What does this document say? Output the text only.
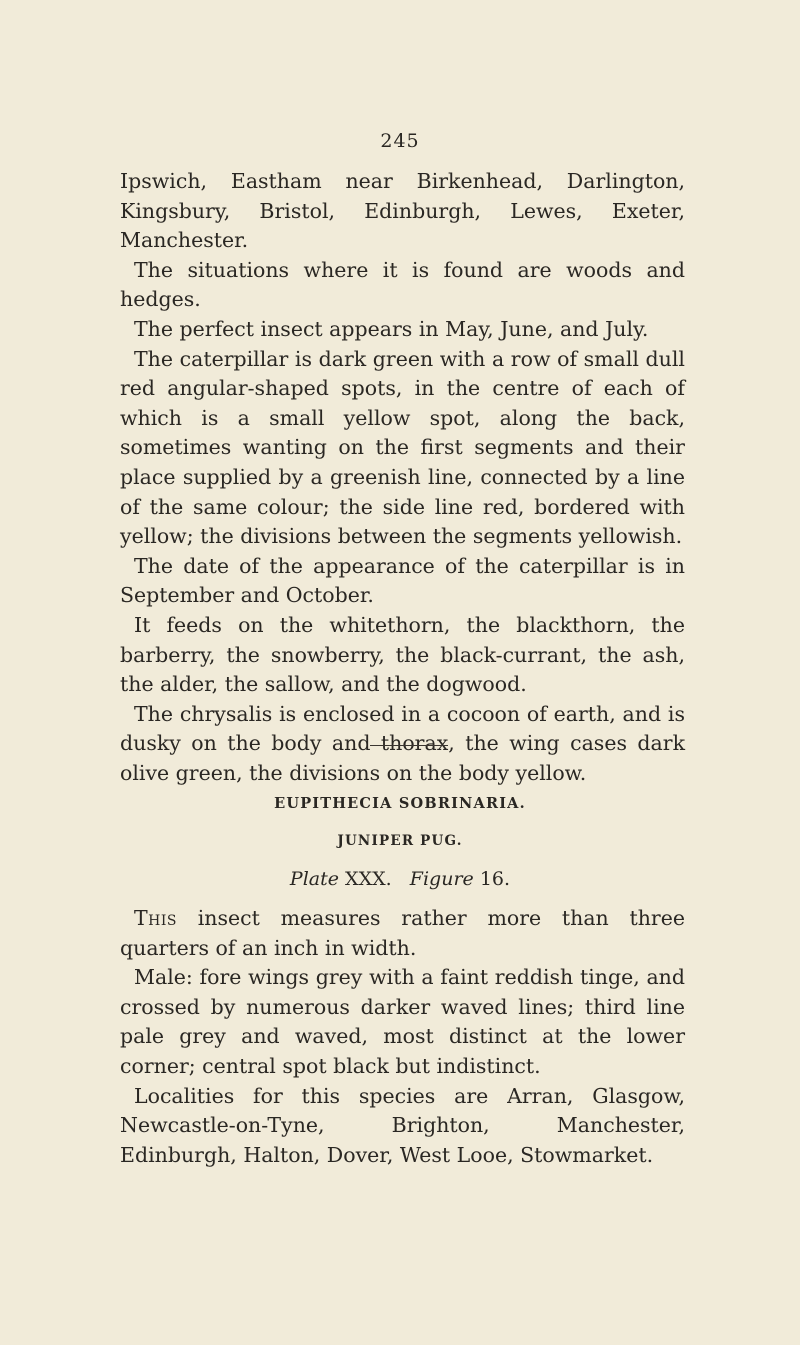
245

Ipswich, Eastham near Birkenhead, Darlington, Kingsbury, Bristol, Edinburgh, Lewes, Exeter, Manchester.

The situations where it is found are woods and hedges.

The perfect insect appears in May, June, and July.

The caterpillar is dark green with a row of small dull red angular-shaped spots, in the centre of each of which is a small yellow spot, along the back, sometimes wanting on the first segments and their place supplied by a greenish line, connected by a line of the same colour; the side line red, bordered with yellow; the divisions between the segments yellowish.

The date of the appearance of the caterpillar is in September and October.

It feeds on the whitethorn, the blackthorn, the barberry, the snowberry, the black-currant, the ash, the alder, the sallow, and the dogwood.

The chrysalis is enclosed in a cocoon of earth, and is dusky on the body and thorax, the wing cases dark olive green, the divisions on the body yellow.

EUPITHECIA SOBRINARIA.

JUNIPER PUG.

Plate XXX. Figure 16.

This insect measures rather more than three quarters of an inch in width.

Male: fore wings grey with a faint reddish tinge, and crossed by numerous darker waved lines; third line pale grey and waved, most distinct at the lower corner; central spot black but indistinct.

Localities for this species are Arran, Glasgow, Newcastle-on-Tyne, Brighton, Manchester, Edinburgh, Halton, Dover, West Looe, Stowmarket.
